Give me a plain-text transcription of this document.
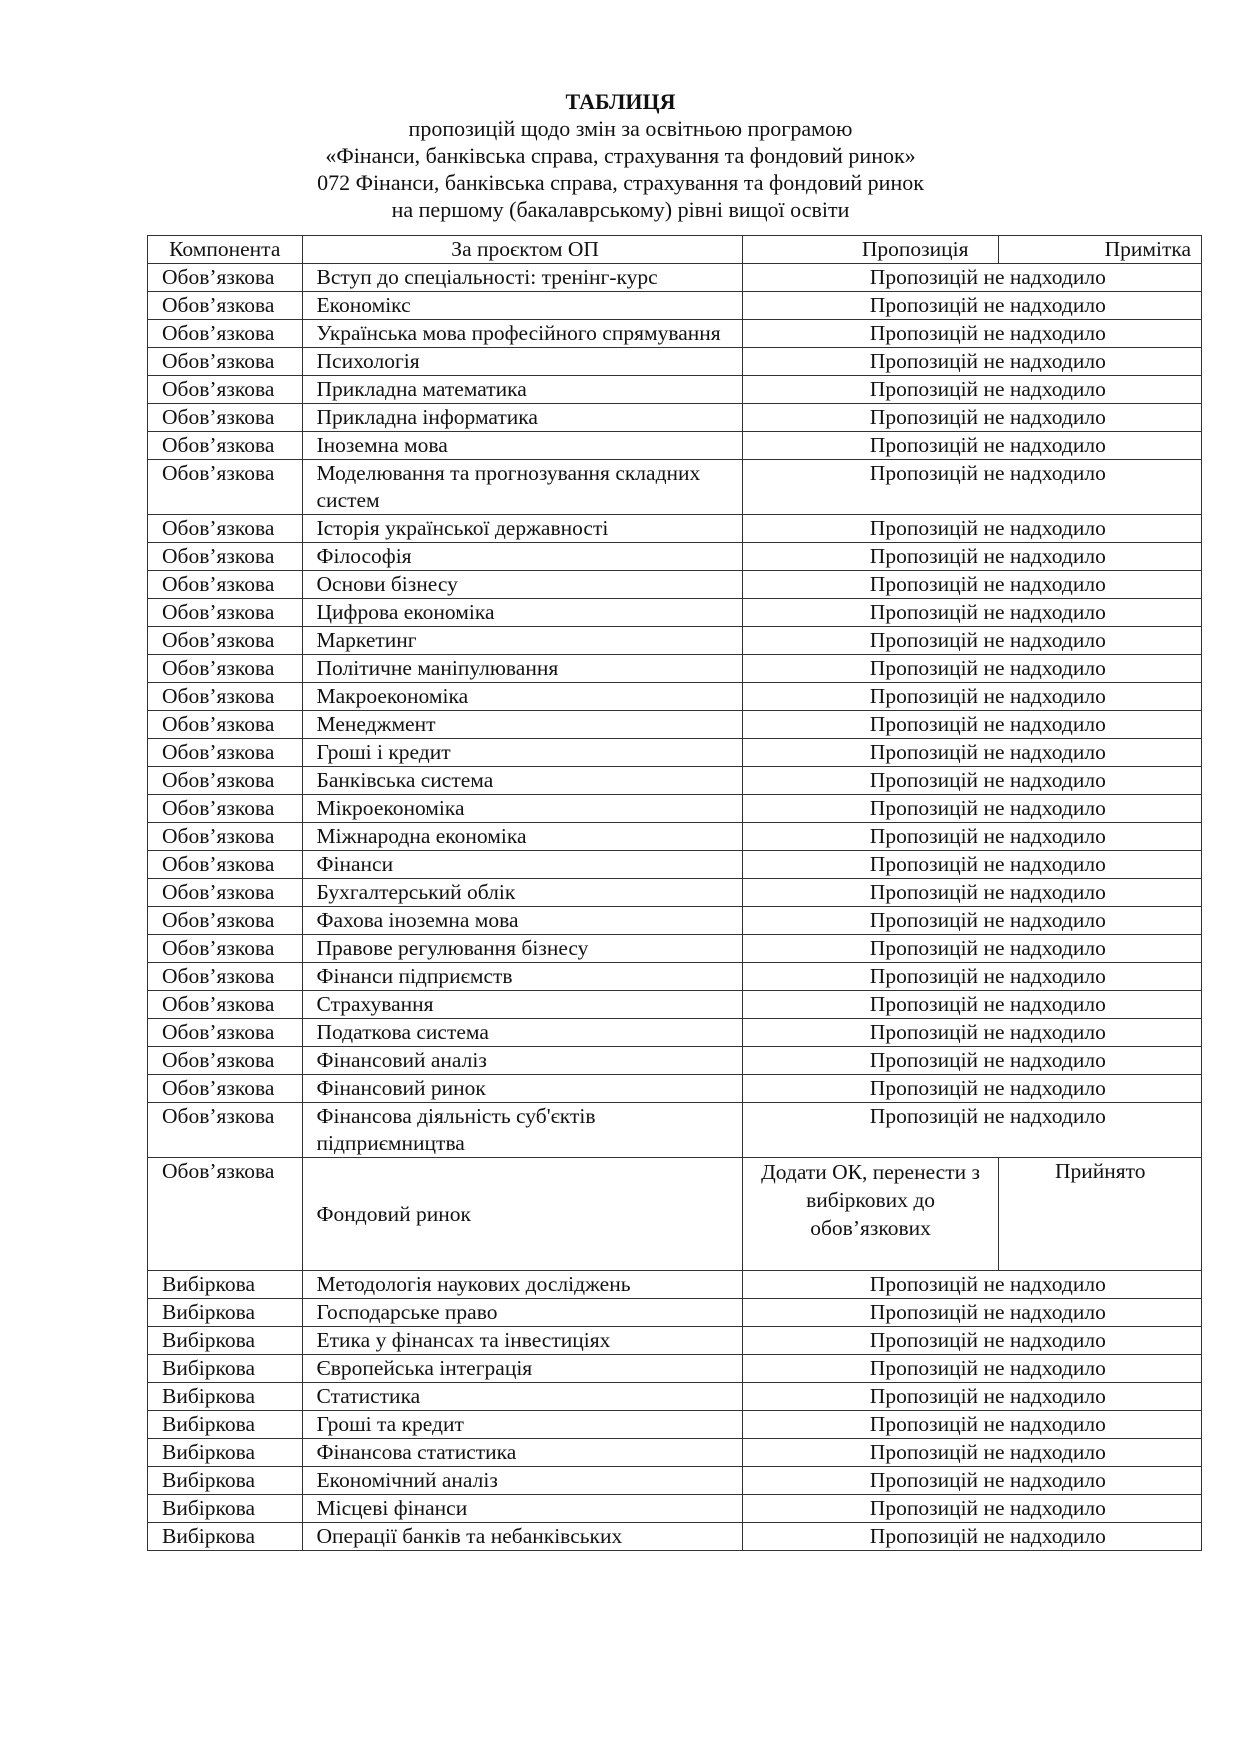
ТАБЛИЦЯ
пропозицій щодо змін за освітньою програмою
«Фінанси, банківська справа, страхування та фондовий ринок»
072 Фінанси, банківська справа, страхування та фондовий ринок
на першому (бакалаврському) рівні вищої освіти
Компонента	За проєктом ОП	Пропозиція	Примітка
Обов’язкова	Вступ до спеціальності: тренінг-курс	Пропозицій не надходило	
Обов’язкова	Економікс	Пропозицій не надходило	
Обов’язкова	Українська мова професійного спрямування	Пропозицій не надходило	
Обов’язкова	Психологія	Пропозицій не надходило	
Обов’язкова	Прикладна математика	Пропозицій не надходило	
Обов’язкова	Прикладна інформатика	Пропозицій не надходило	
Обов’язкова	Іноземна мова	Пропозицій не надходило	
Обов’язкова	Моделювання та прогнозування складних систем	Пропозицій не надходило	
Обов’язкова	Історія української державності	Пропозицій не надходило	
Обов’язкова	Філософія	Пропозицій не надходило	
Обов’язкова	Основи бізнесу	Пропозицій не надходило	
Обов’язкова	Цифрова економіка	Пропозицій не надходило	
Обов’язкова	Маркетинг	Пропозицій не надходило	
Обов’язкова	Політичне маніпулювання	Пропозицій не надходило	
Обов’язкова	Макроекономіка	Пропозицій не надходило	
Обов’язкова	Менеджмент	Пропозицій не надходило	
Обов’язкова	Гроші і кредит	Пропозицій не надходило	
Обов’язкова	Банківська система	Пропозицій не надходило	
Обов’язкова	Мікроекономіка	Пропозицій не надходило	
Обов’язкова	Міжнародна економіка	Пропозицій не надходило	
Обов’язкова	Фінанси	Пропозицій не надходило	
Обов’язкова	Бухгалтерський облік	Пропозицій не надходило	
Обов’язкова	Фахова іноземна мова	Пропозицій не надходило	
Обов’язкова	Правове регулювання бізнесу	Пропозицій не надходило	
Обов’язкова	Фінанси підприємств	Пропозицій не надходило	
Обов’язкова	Страхування	Пропозицій не надходило	
Обов’язкова	Податкова система	Пропозицій не надходило	
Обов’язкова	Фінансовий аналіз	Пропозицій не надходило	
Обов’язкова	Фінансовий ринок	Пропозицій не надходило	
Обов’язкова	Фінансова діяльність суб'єктів підприємництва	Пропозицій не надходило	
Обов’язкова	Фондовий ринок	Додати ОК, перенести з вибіркових до обов’язкових	Прийнято
Вибіркова	Методологія наукових досліджень	Пропозицій не надходило	
Вибіркова	Господарське право	Пропозицій не надходило	
Вибіркова	Етика у фінансах та інвестиціях	Пропозицій не надходило	
Вибіркова	Європейська інтеграція	Пропозицій не надходило	
Вибіркова	Статистика	Пропозицій не надходило	
Вибіркова	Гроші та кредит	Пропозицій не надходило	
Вибіркова	Фінансова статистика	Пропозицій не надходило	
Вибіркова	Економічний аналіз	Пропозицій не надходило	
Вибіркова	Місцеві фінанси	Пропозицій не надходило	
Вибіркова	Операції банків та небанківських	Пропозицій не надходило	
